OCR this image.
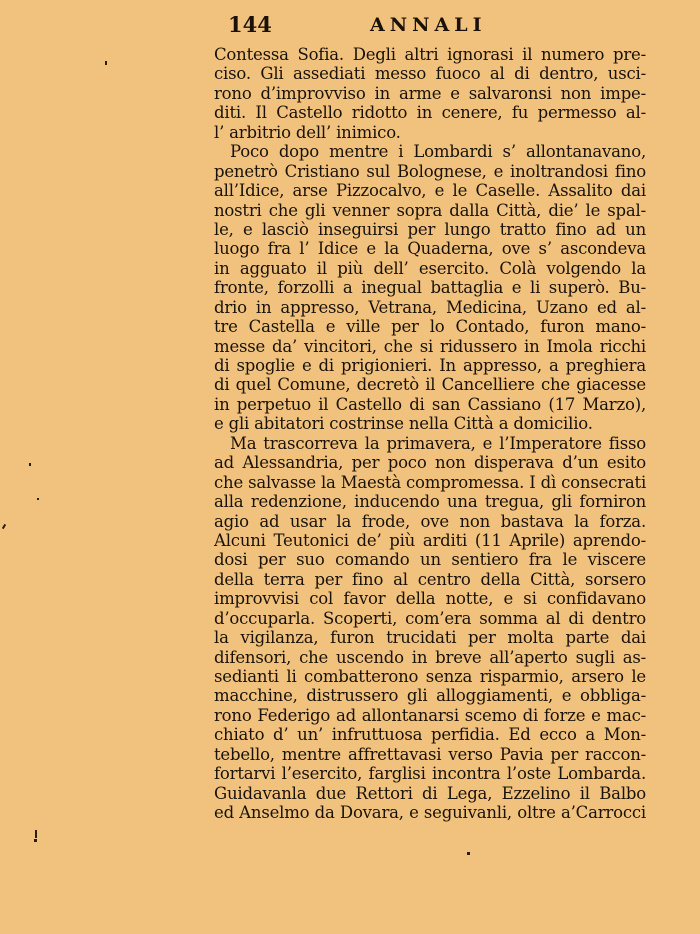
144	ANNALI
Contessa Sofia. Degli altri ignorasi il numero pre-
ciso. Gli assediati messo fuoco al di dentro, usci-
rono d’improvviso in arme e salvaronsi non impe-
diti. Il Castello ridotto in cenere, fu permesso al-
l’ arbitrio dell’ inimico.
Poco dopo mentre i Lombardi s’ allontanavano,
penetrò Cristiano sul Bolognese, e inoltrandosi fino
all’Idice, arse Pizzocalvo, e le Caselle. Assalito dai
nostri che gli venner sopra dalla Città, die’ le spal-
le, e lasciò inseguirsi per lungo tratto fino ad un
luogo fra l’ Idice e la Quaderna, ove s’ ascondeva
in agguato il più dell’ esercito. Colà volgendo la
fronte, forzolli a inegual battaglia e li superò. Bu-
drio in appresso, Vetrana, Medicina, Uzano ed al-
tre Castella e ville per lo Contado, furon mano-
messe da’ vincitori, che si ridussero in Imola ricchi
di spoglie e di prigionieri. In appresso, a preghiera
di quel Comune, decretò il Cancelliere che giacesse
in perpetuo il Castello di san Cassiano (17 Marzo),
e gli abitatori costrinse nella Città a domicilio.
Ma trascorreva la primavera, e l’Imperatore fisso
ad Alessandria, per poco non disperava d’un esito
che salvasse la Maestà compromessa. I dì consecrati
alla redenzione, inducendo una tregua, gli forniron
agio ad usar la frode, ove non bastava la forza.
Alcuni Teutonici de’ più arditi (11 Aprile) aprendo-
dosi per suo comando un sentiero fra le viscere
della terra per fino al centro della Città, sorsero
improvvisi col favor della notte, e si confidavano
d’occuparla. Scoperti, com’era somma al di dentro
la vigilanza, furon trucidati per molta parte dai
difensori, che uscendo in breve all’aperto sugli as-
sedianti li combatterono senza risparmio, arsero le
macchine, distrussero gli alloggiamenti, e obbliga-
rono Federigo ad allontanarsi scemo di forze e mac-
chiato d’ un’ infruttuosa perfidia. Ed ecco a Mon-
tebello, mentre affrettavasi verso Pavia per raccon-
fortarvi l’esercito, farglisi incontra l’oste Lombarda.
Guidavanla due Rettori di Lega, Ezzelino il Balbo
ed Anselmo da Dovara, e seguivanli, oltre a’Carrocci
